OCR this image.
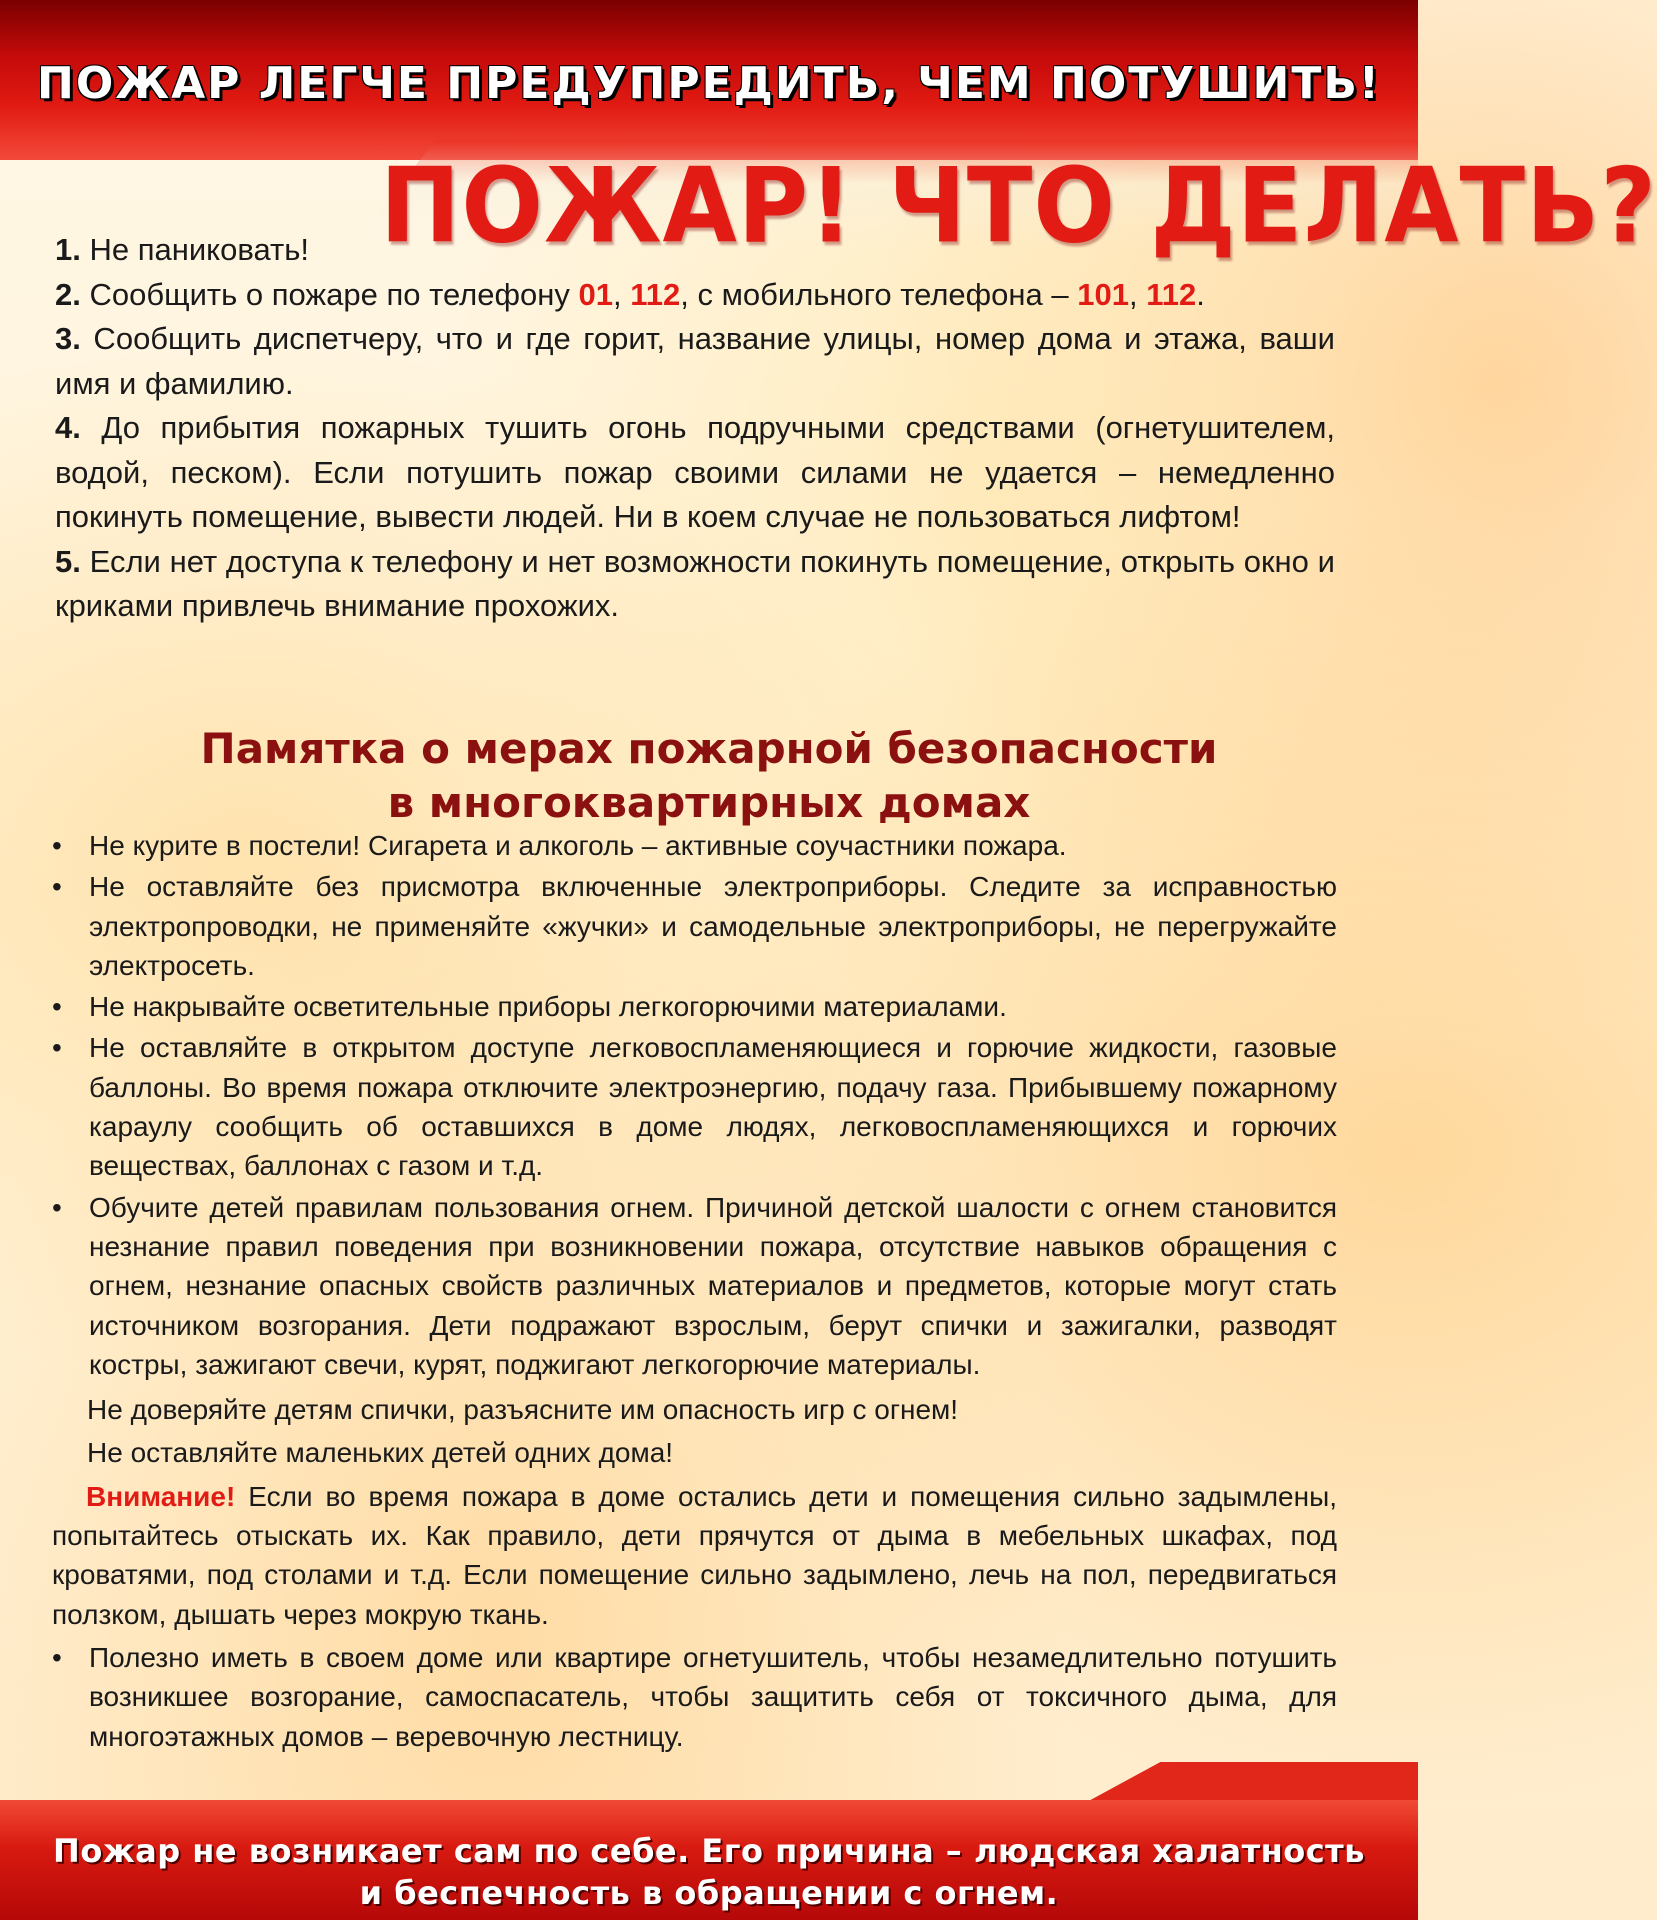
ПОЖАР ЛЕГЧЕ ПРЕДУПРЕДИТЬ, ЧЕМ ПОТУШИТЬ!
ПОЖАР! ЧТО ДЕЛАТЬ?

1. Не паниковать!

2. Сообщить о пожаре по телефону 01, 112, с мобильного телефона – 101, 112.

3. Сообщить диспетчеру, что и где горит, название улицы, номер дома и этажа, ваши имя и фамилию.

4. До прибытия пожарных тушить огонь подручными средствами (огнетушителем, водой, песком). Если потушить пожар своими силами не удается – немедленно покинуть помещение, вывести людей. Ни в коем случае не пользоваться лифтом!

5. Если нет доступа к телефону и нет возможности покинуть помещение, открыть окно и криками привлечь внимание прохожих.

Памятка о мерах пожарной безопасности
в многоквартирных домах
• Не курите в постели! Сигарета и алкоголь – активные соучастники пожара.
• Не оставляйте без присмотра включенные электроприборы. Следите за исправностью электропроводки, не применяйте «жучки» и самодельные электроприборы, не перегружайте электросеть.
• Не накрывайте осветительные приборы легкогорючими материалами.
• Не оставляйте в открытом доступе легковоспламеняющиеся и горючие жидкости, газовые баллоны. Во время пожара отключите электроэнергию, подачу газа. Прибывшему пожарному караулу сообщить об оставшихся в доме людях, легковоспламеняющихся и горючих веществах, баллонах с газом и т.д.
• Обучите детей правилам пользования огнем. Причиной детской шалости с огнем становится незнание правил поведения при возникновении пожара, отсутствие навыков обращения с огнем, незнание опасных свойств различных материалов и предметов, которые могут стать источником возгорания. Дети подражают взрослым, берут спички и зажигалки, разводят костры, зажигают свечи, курят, поджигают легкогорючие материалы.

Не доверяйте детям спички, разъясните им опасность игр с огнем!

Не оставляйте маленьких детей одних дома!

Внимание! Если во время пожара в доме остались дети и помещения сильно задымлены, попытайтесь отыскать их. Как правило, дети прячутся от дыма в мебельных шкафах, под кроватями, под столами и т.д. Если помещение сильно задымлено, лечь на пол, передвигаться ползком, дышать через мокрую ткань.

• Полезно иметь в своем доме или квартире огнетушитель, чтобы незамедлительно потушить возникшее возгорание, самоспасатель, чтобы защитить себя от токсичного дыма, для многоэтажных домов – веревочную лестницу.
Пожар не возникает сам по себе. Его причина – людская халатность
и беспечность в обращении с огнем.
